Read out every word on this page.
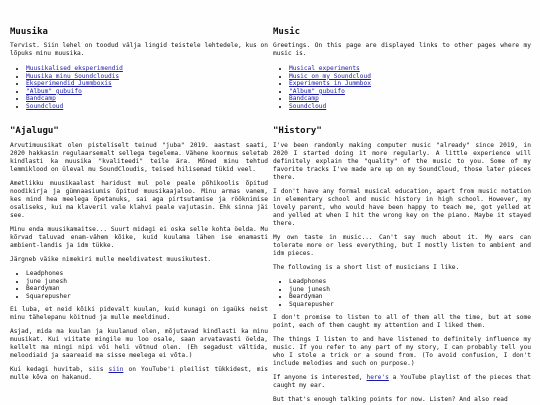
Muusika

Tervist. Siin lehel on toodud välja lingid teistele lehtedele, kus on lõpuks minu muusika.

• Muusikalised eksperimendid
• Muusika minu Soundcloudis
• Eksperimendid Jummboxis
• "Album" gubuifo
• Bandcamp
• Soundcloud
"Ajalugu"

Arvutimuusikat olen pisteliselt teinud "juba" 2019. aastast saati, 2020 hakkasin regulaarsemalt sellega tegelema. Vähene koormus seletab kindlasti ka muusika "kvaliteedi" teile ära. Mõned minu tehtud lemmiklood on üleval mu SoundCloudis, teised hilisemad tükid veel.

Ametlikku muusikaalast haridust mul pole peale põhikoolis õpitud noodikirja ja gümnaasiumis õpitud muusikaajaloo. Minu armas vanem, kes mind hea meelega õpetanuks, sai aga pirtsutamise ja rööknimise osaliseks, kui ma klaveril vale klahvi peale vajutasin. Ehk sinna jäi see.

Minu enda muusikamaitse... Suurt midagi ei oska selle kohta öelda. Mu kõrvad taluvad enam-vähem kõike, kuid kuulama lähen ise enamasti ambient-landis ja idm tükke.

Järgneb väike nimekiri mulle meeldivatest muusikutest.

• Leadphones
• june junesh
• Beardyman
• Squarepusher

Ei luba, et neid kõiki pidevalt kuulan, kuid kunagi on igaüks neist minu tähelepanu köitnud ja mulle meeldinud.

Asjad, mida ma kuulan ja kuulanud olen, mõjutavad kindlasti ka minu muusikat. Kui viitate mingile mu loo osale, saan arvatavasti öelda, kellelt ma mingi nipi või heli võtnud olen. (Eh segadust vältida, meloodiaid ja saareaid ma sisse meelega ei võta.)

Kui kedagi huvitab, siis siin on YouTube'i pleilist tükkidest, mis mulle kõva on hakanud.

Music

Greetings. On this page are displayed links to other pages where my music is.

• Musical experiments
• Music on my Soundcloud
• Experiments in Jummbox
• "Album" gubuifo
• Bandcamp
• Soundcloud
"History"

I've been randomly making computer music "already" since 2019, in 2020 I started doing it more regularly. A little experience will definitely explain the "quality" of the music to you. Some of my favorite tracks I've made are up on my SoundCloud, those later pieces there.

I don't have any formal musical education, apart from music notation in elementary school and music history in high school. However, my lovely parent, who would have been happy to teach me, got yelled at and yelled at when I hit the wrong key on the piano. Maybe it stayed there.

My own taste in music... Can't say much about it. My ears can tolerate more or less everything, but I mostly listen to ambient and idm pieces.

The following is a short list of musicians I like.

• Leadphones
• june junesh
• Beardyman
• Squarepusher

I don't promise to listen to all of them all the time, but at some point, each of them caught my attention and I liked them.

The things I listen to and have listened to definitely influence my music. If you refer to any part of my story, I can probably tell you who I stole a trick or a sound from. (To avoid confusion, I don't include melodies and such on purpose.)

If anyone is interested, here's a YouTube playlist of the pieces that caught my ear.

But that's enough talking points for now. Listen? And also read
